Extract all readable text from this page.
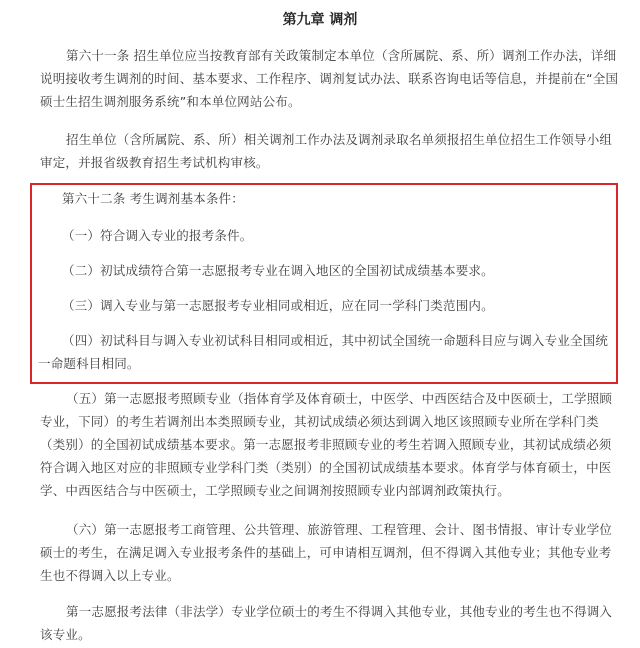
第九章 调剂

第六十一条 招生单位应当按教育部有关政策制定本单位（含所属院、系、所）调剂工作办法，详细说明接收考生调剂的时间、基本要求、工作程序、调剂复试办法、联系咨询电话等信息，并提前在“全国硕士生招生调剂服务系统”和本单位网站公布。

招生单位（含所属院、系、所）相关调剂工作办法及调剂录取名单须报招生单位招生工作领导小组审定，并报省级教育招生考试机构审核。

第六十二条 考生调剂基本条件：

（一）符合调入专业的报考条件。

（二）初试成绩符合第一志愿报考专业在调入地区的全国初试成绩基本要求。

（三）调入专业与第一志愿报考专业相同或相近，应在同一学科门类范围内。

（四）初试科目与调入专业初试科目相同或相近，其中初试全国统一命题科目应与调入专业全国统一命题科目相同。

（五）第一志愿报考照顾专业（指体育学及体育硕士，中医学、中西医结合及中医硕士，工学照顾专业，下同）的考生若调剂出本类照顾专业，其初试成绩必须达到调入地区该照顾专业所在学科门类（类别）的全国初试成绩基本要求。第一志愿报考非照顾专业的考生若调入照顾专业，其初试成绩必须符合调入地区对应的非照顾专业学科门类（类别）的全国初试成绩基本要求。体育学与体育硕士，中医学、中西医结合与中医硕士，工学照顾专业之间调剂按照顾专业内部调剂政策执行。

（六）第一志愿报考工商管理、公共管理、旅游管理、工程管理、会计、图书情报、审计专业学位硕士的考生，在满足调入专业报考条件的基础上，可申请相互调剂，但不得调入其他专业；其他专业考生也不得调入以上专业。

第一志愿报考法律（非法学）专业学位硕士的考生不得调入其他专业，其他专业的考生也不得调入该专业。
